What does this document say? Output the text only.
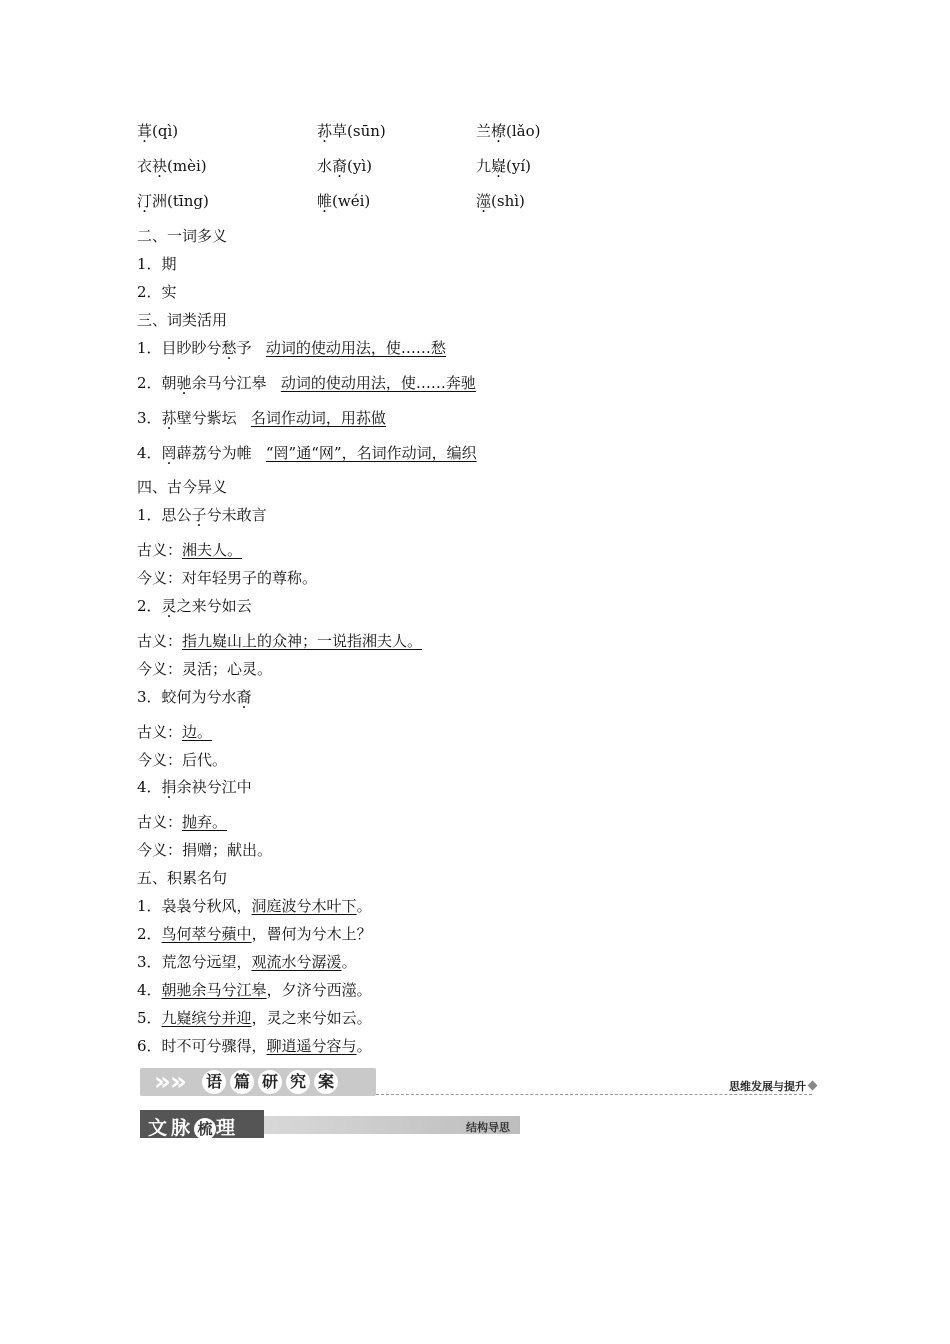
葺(qì)	荪草(sūn)	兰橑(lǎo)
衣袂(mèi)	水裔(yì)	九嶷(yí)
汀洲(tīng)	帷(wéi)	澨(shì)
二、一词多义
1．期
2．实
三、词类活用
1．目眇眇兮愁予 动词的使动用法，使……愁
2．朝驰余马兮江皋 动词的使动用法，使……奔驰
3．荪壁兮紫坛 名词作动词，用荪做
4．罔薜荔兮为帷 “罔”通“网”，名词作动词，编织
四、古今异义
1．思公子兮未敢言
古义：湘夫人。
今义：对年轻男子的尊称。
2．灵之来兮如云
古义：指九嶷山上的众神；一说指湘夫人。
今义：灵活；心灵。
3．蛟何为兮水裔
古义：边。
今义：后代。
4．捐余袂兮江中
古义：抛弃。
今义：捐赠；献出。
五、积累名句
1．袅袅兮秋风，洞庭波兮木叶下。
2．鸟何萃兮蘋中，罾何为兮木上？
3．荒忽兮远望，观流水兮潺湲。
4．朝驰余马兮江皋，夕济兮西澨。
5．九嶷缤兮并迎，灵之来兮如云。
6．时不可兮骤得，聊逍遥兮容与。
» » 语 篇 研 究 案	思维发展与提升
文脉 梳 理	结构导思
